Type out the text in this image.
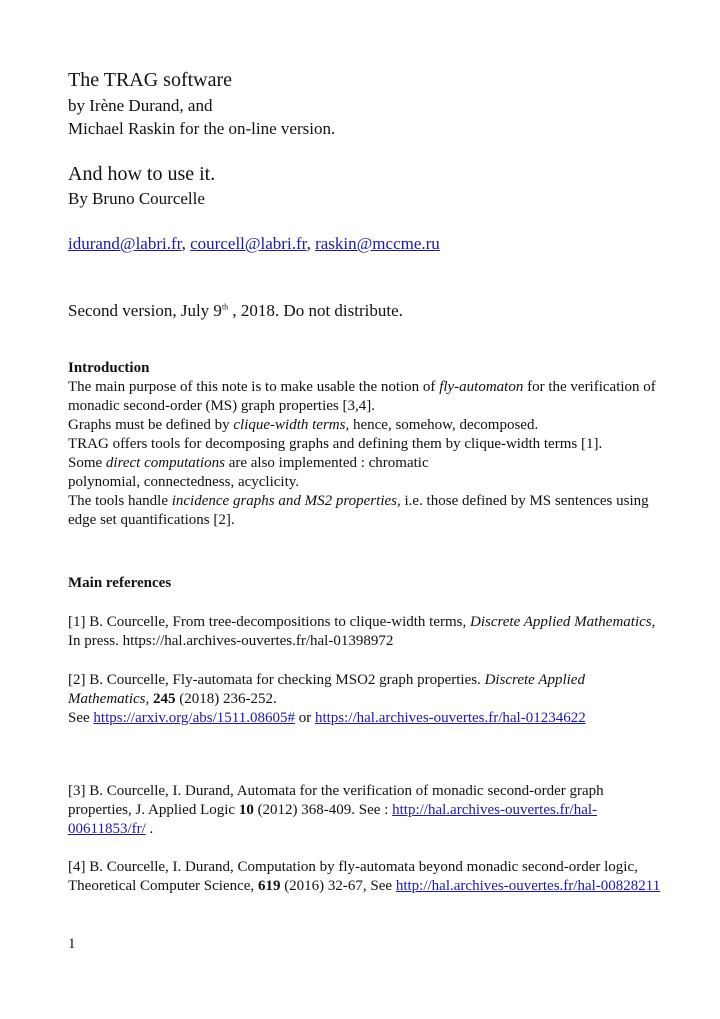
The TRAG software
by Irène Durand, and
Michael Raskin for the on-line version.
And how to use it.
By Bruno Courcelle
idurand@labri.fr, courcell@labri.fr, raskin@mccme.ru
Second version, July 9th , 2018. Do not distribute.
Introduction

The main purpose of this note is to make usable the notion of fly-automaton for the verification of monadic second-order (MS) graph properties [3,4].

Graphs must be defined by clique-width terms, hence, somehow, decomposed.

TRAG offers tools for decomposing graphs and defining them by clique-width terms [1].

Some direct computations are also implemented : chromatic
polynomial, connectedness, acyclicity.

The tools handle incidence graphs and MS2 properties, i.e. those defined by MS sentences using edge set quantifications [2].

Main references
[1] B. Courcelle, From tree-decompositions to clique-width terms, Discrete Applied Mathematics, In press. https://hal.archives-ouvertes.fr/hal-01398972
[2] B. Courcelle, Fly-automata for checking MSO2 graph properties. Discrete Applied Mathematics, 245 (2018) 236-252.
See https://arxiv.org/abs/1511.08605# or https://hal.archives-ouvertes.fr/hal-01234622
[3] B. Courcelle, I. Durand, Automata for the verification of monadic second-order graph properties, J. Applied Logic 10 (2012) 368-409. See : http://hal.archives-ouvertes.fr/hal-00611853/fr/ .
[4] B. Courcelle, I. Durand, Computation by fly-automata beyond monadic second-order logic, Theoretical Computer Science, 619 (2016) 32-67, See http://hal.archives-ouvertes.fr/hal-00828211
1
